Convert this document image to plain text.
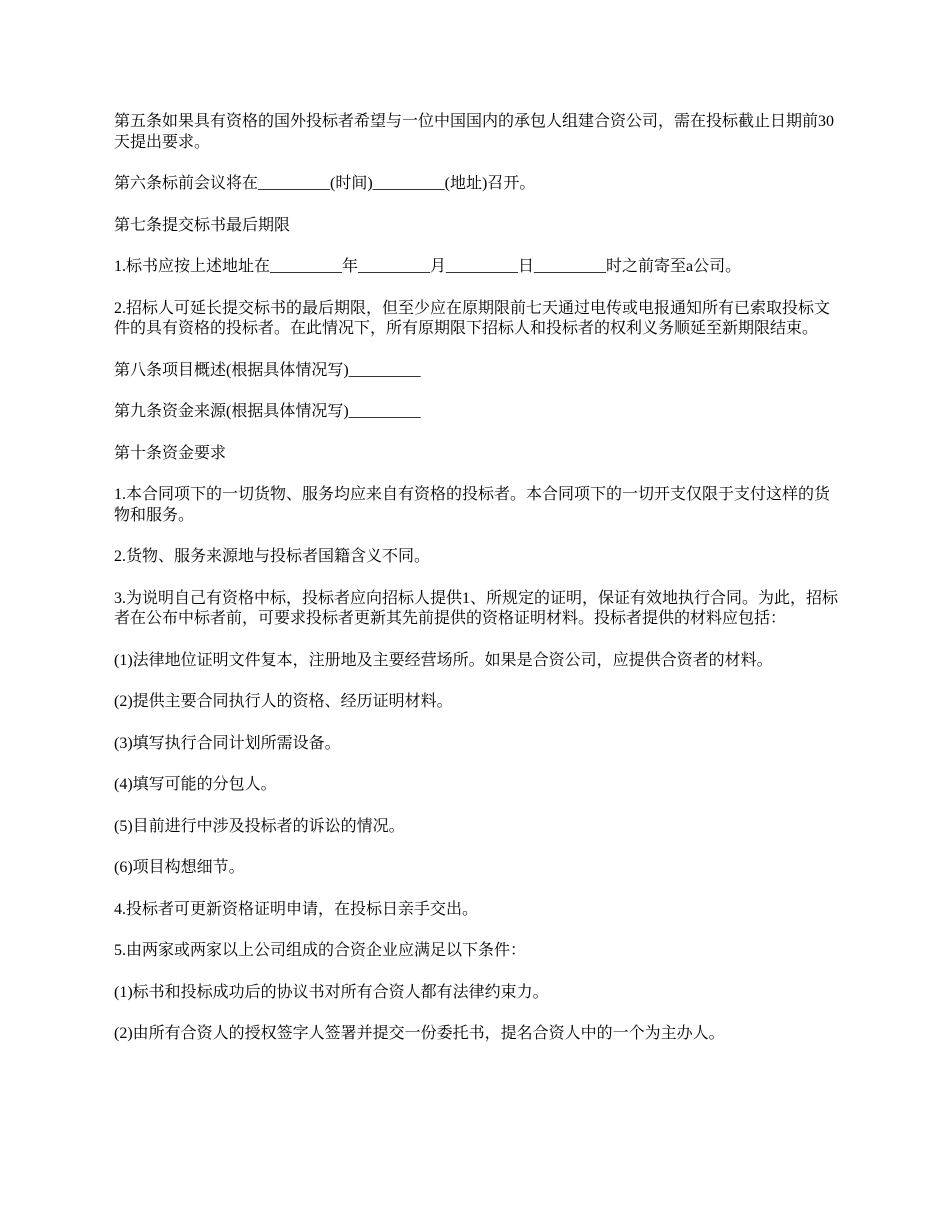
第五条如果具有资格的国外投标者希望与一位中国国内的承包人组建合资公司，需在投标截止日期前30天提出要求。

第六条标前会议将在_________(时间)_________(地址)召开。

第七条提交标书最后期限

1.标书应按上述地址在_________年_________月_________日_________时之前寄至a公司。

2.招标人可延长提交标书的最后期限，但至少应在原期限前七天通过电传或电报通知所有已索取投标文件的具有资格的投标者。在此情况下，所有原期限下招标人和投标者的权利义务顺延至新期限结束。

第八条项目概述(根据具体情况写)_________

第九条资金来源(根据具体情况写)_________

第十条资金要求

1.本合同项下的一切货物、服务均应来自有资格的投标者。本合同项下的一切开支仅限于支付这样的货物和服务。

2.货物、服务来源地与投标者国籍含义不同。

3.为说明自己有资格中标，投标者应向招标人提供1、所规定的证明，保证有效地执行合同。为此，招标者在公布中标者前，可要求投标者更新其先前提供的资格证明材料。投标者提供的材料应包括：

(1)法律地位证明文件复本，注册地及主要经营场所。如果是合资公司，应提供合资者的材料。

(2)提供主要合同执行人的资格、经历证明材料。

(3)填写执行合同计划所需设备。

(4)填写可能的分包人。

(5)目前进行中涉及投标者的诉讼的情况。

(6)项目构想细节。

4.投标者可更新资格证明申请，在投标日亲手交出。

5.由两家或两家以上公司组成的合资企业应满足以下条件：

(1)标书和投标成功后的协议书对所有合资人都有法律约束力。

(2)由所有合资人的授权签字人签署并提交一份委托书，提名合资人中的一个为主办人。
